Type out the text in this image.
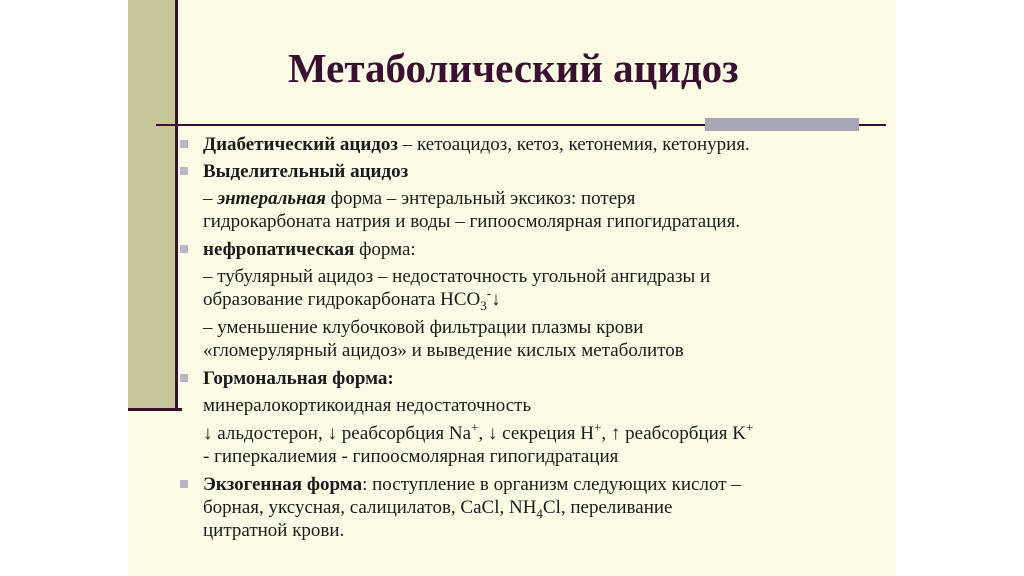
Метаболический ацидоз
Диабетический ацидоз – кетоацидоз, кетоз, кетонемия, кетонурия.
Выделительный ацидоз
– энтеральная форма – энтеральный эксикоз: потеря
гидрокарбоната натрия и воды – гипоосмолярная гипогидратация.
нефропатическая форма:
– тубулярный ацидоз – недостаточность угольной ангидразы и
образование гидрокарбоната $HCO_3^-↓$
– уменьшение клубочковой фильтрации плазмы крови
«гломерулярный ацидоз» и выведение кислых метаболитов
Гормональная форма:
минералокортикоидная недостаточность
↓ альдостерон, ↓ реабсорбция Na+, ↓ секреция H+, ↑ реабсорбция K+
- гиперкалиемия - гипоосмолярная гипогидратация
Экзогенная форма: поступление в организм следующих кислот –
борная, уксусная, салицилатов, CaCl, $NH_4Cl$, переливание
цитратной крови.
